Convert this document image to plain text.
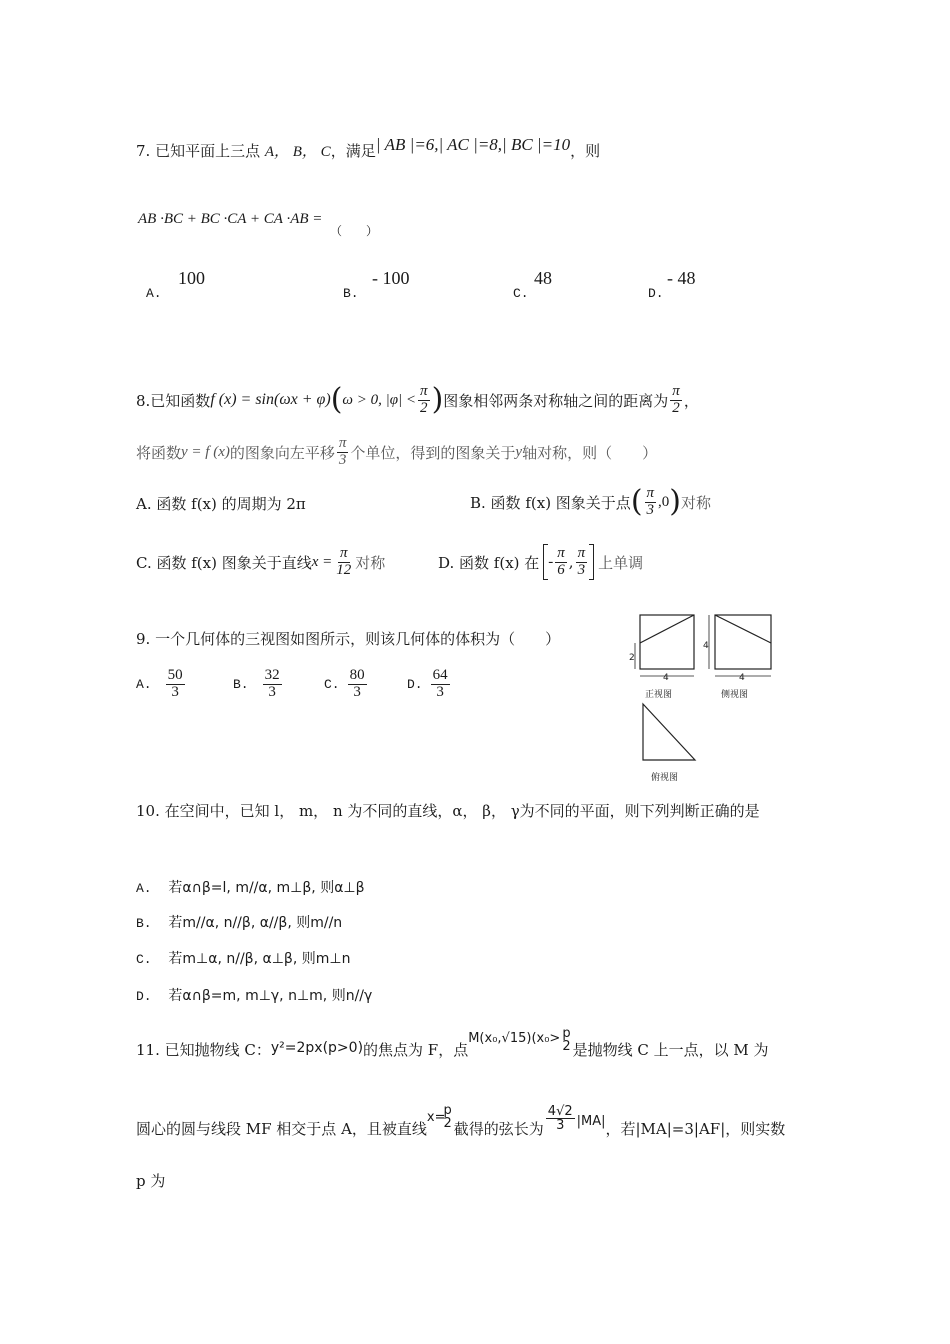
7. 已知平面上三点 A， B， C，满足| AB |=6,| AC |=8,| BC |=10，则
AB ·BC + BC ·CA + CA ·AB =
（　　）
A.
100
B.
- 100
C.
48
D.
- 48
8.已知函数 f (x) = sin(ωx + φ) ( ω > 0, $|\varphi| < \frac{\pi}{2}$ ) 图象相邻两条对称轴之间的距离为 $\frac{\pi}{2}$ ，
将函数 y = f (x) 的图象向左平移 $\frac{\pi}{3}$ 个单位，得到的图象关于 y 轴对称，则（　　）
A. 函数 f(x) 的周期为 2π	B. 函数 f(x) 图象关于点 ( $\frac{\pi}{3} ,0$ ) 对称
C. 函数 f(x) 图象关于直线 $x = \frac{\pi}{12}$ 对称	D. 函数 f(x) 在 - $\frac{\pi}{6}$ , $\frac{\pi}{3}$ 上单调
9. 一个几何体的三视图如图所示，则该几何体的体积为（　　）
A. $\frac{50}{3}$	B. $\frac{32}{3}$	C. $\frac{80}{3}$	D. $\frac{64}{3}$
2
4
4
4
正视图	侧视图
俯视图
10. 在空间中，已知 l， m， n 为不同的直线，α， β， γ为不同的平面，则下列判断正确的是
A. 若α∩β=l, m//α, m⊥β, 则α⊥β
B. 若m//α, n//β, α//β, 则m//n
C. 若m⊥α, n//β, α⊥β, 则m⊥n
D. 若α∩β=m, m⊥γ, n⊥m, 则n//γ
11. 已知抛物线 C： y²=2px(p>0) 的焦点为 F，点
M(x₀,√15)(x₀> p
2 是抛物线 C 上一点，以 M 为
圆心的圆与线段 MF 相交于点 A，且被直线
x=
p
2 截得的弦长为 $\frac{4√2}{3} |MA|$ ，若|MA|=3|AF|，则实数
p 为
